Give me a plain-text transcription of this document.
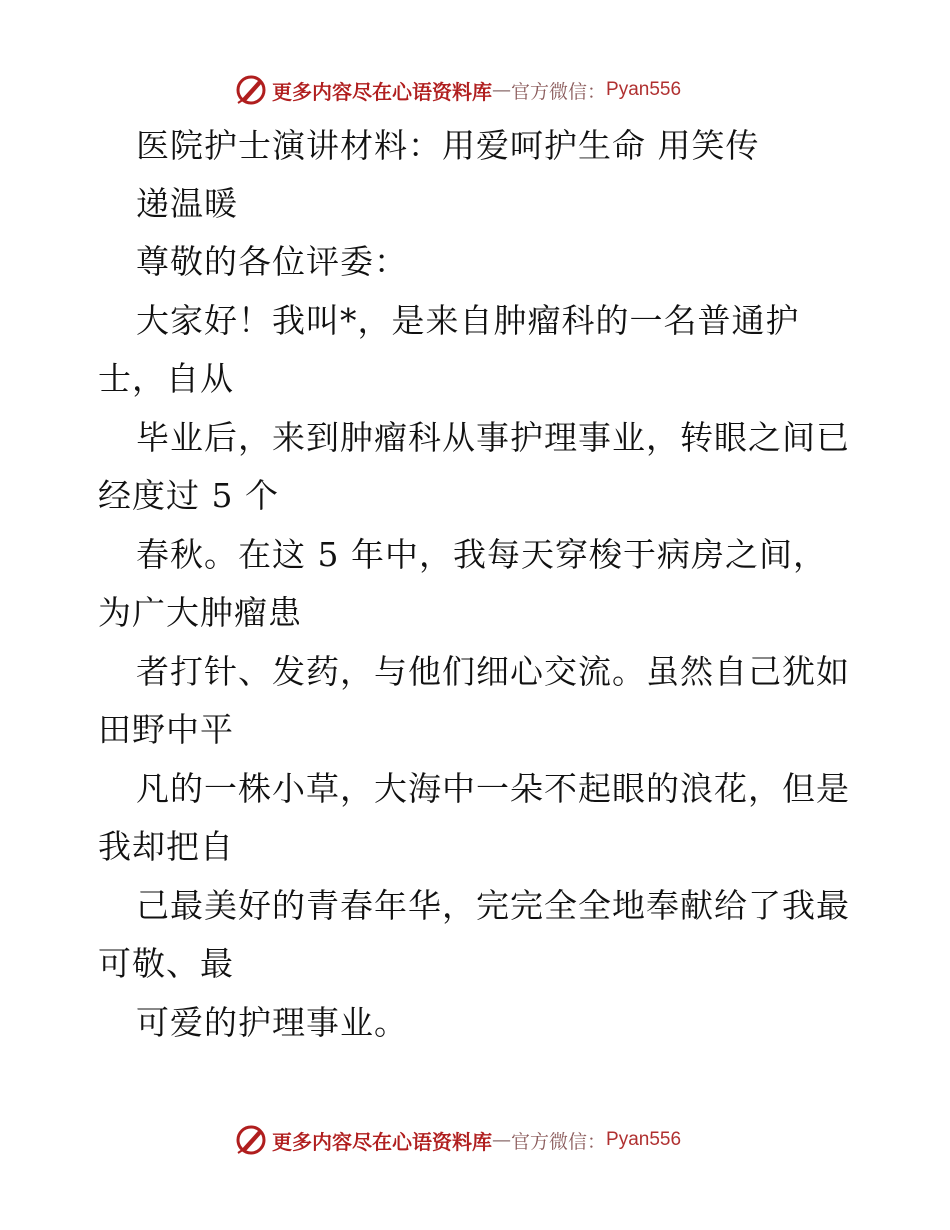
更多内容尽在心语资料库 — 官方微信 ： Pyan556
医院护士演讲材料：用爱呵护生命 用笑传
递温暖
尊敬的各位评委：
大家好！我叫*，是来自肿瘤科的一名普通护
士，自从
毕业后，来到肿瘤科从事护理事业，转眼之间已
经度过 5 个
春秋。在这 5 年中，我每天穿梭于病房之间，
为广大肿瘤患
者打针、发药，与他们细心交流。虽然自己犹如
田野中平
凡的一株小草，大海中一朵不起眼的浪花，但是
我却把自
己最美好的青春年华，完完全全地奉献给了我最
可敬、最
可爱的护理事业。
更多内容尽在心语资料库 — 官方微信 ： Pyan556
